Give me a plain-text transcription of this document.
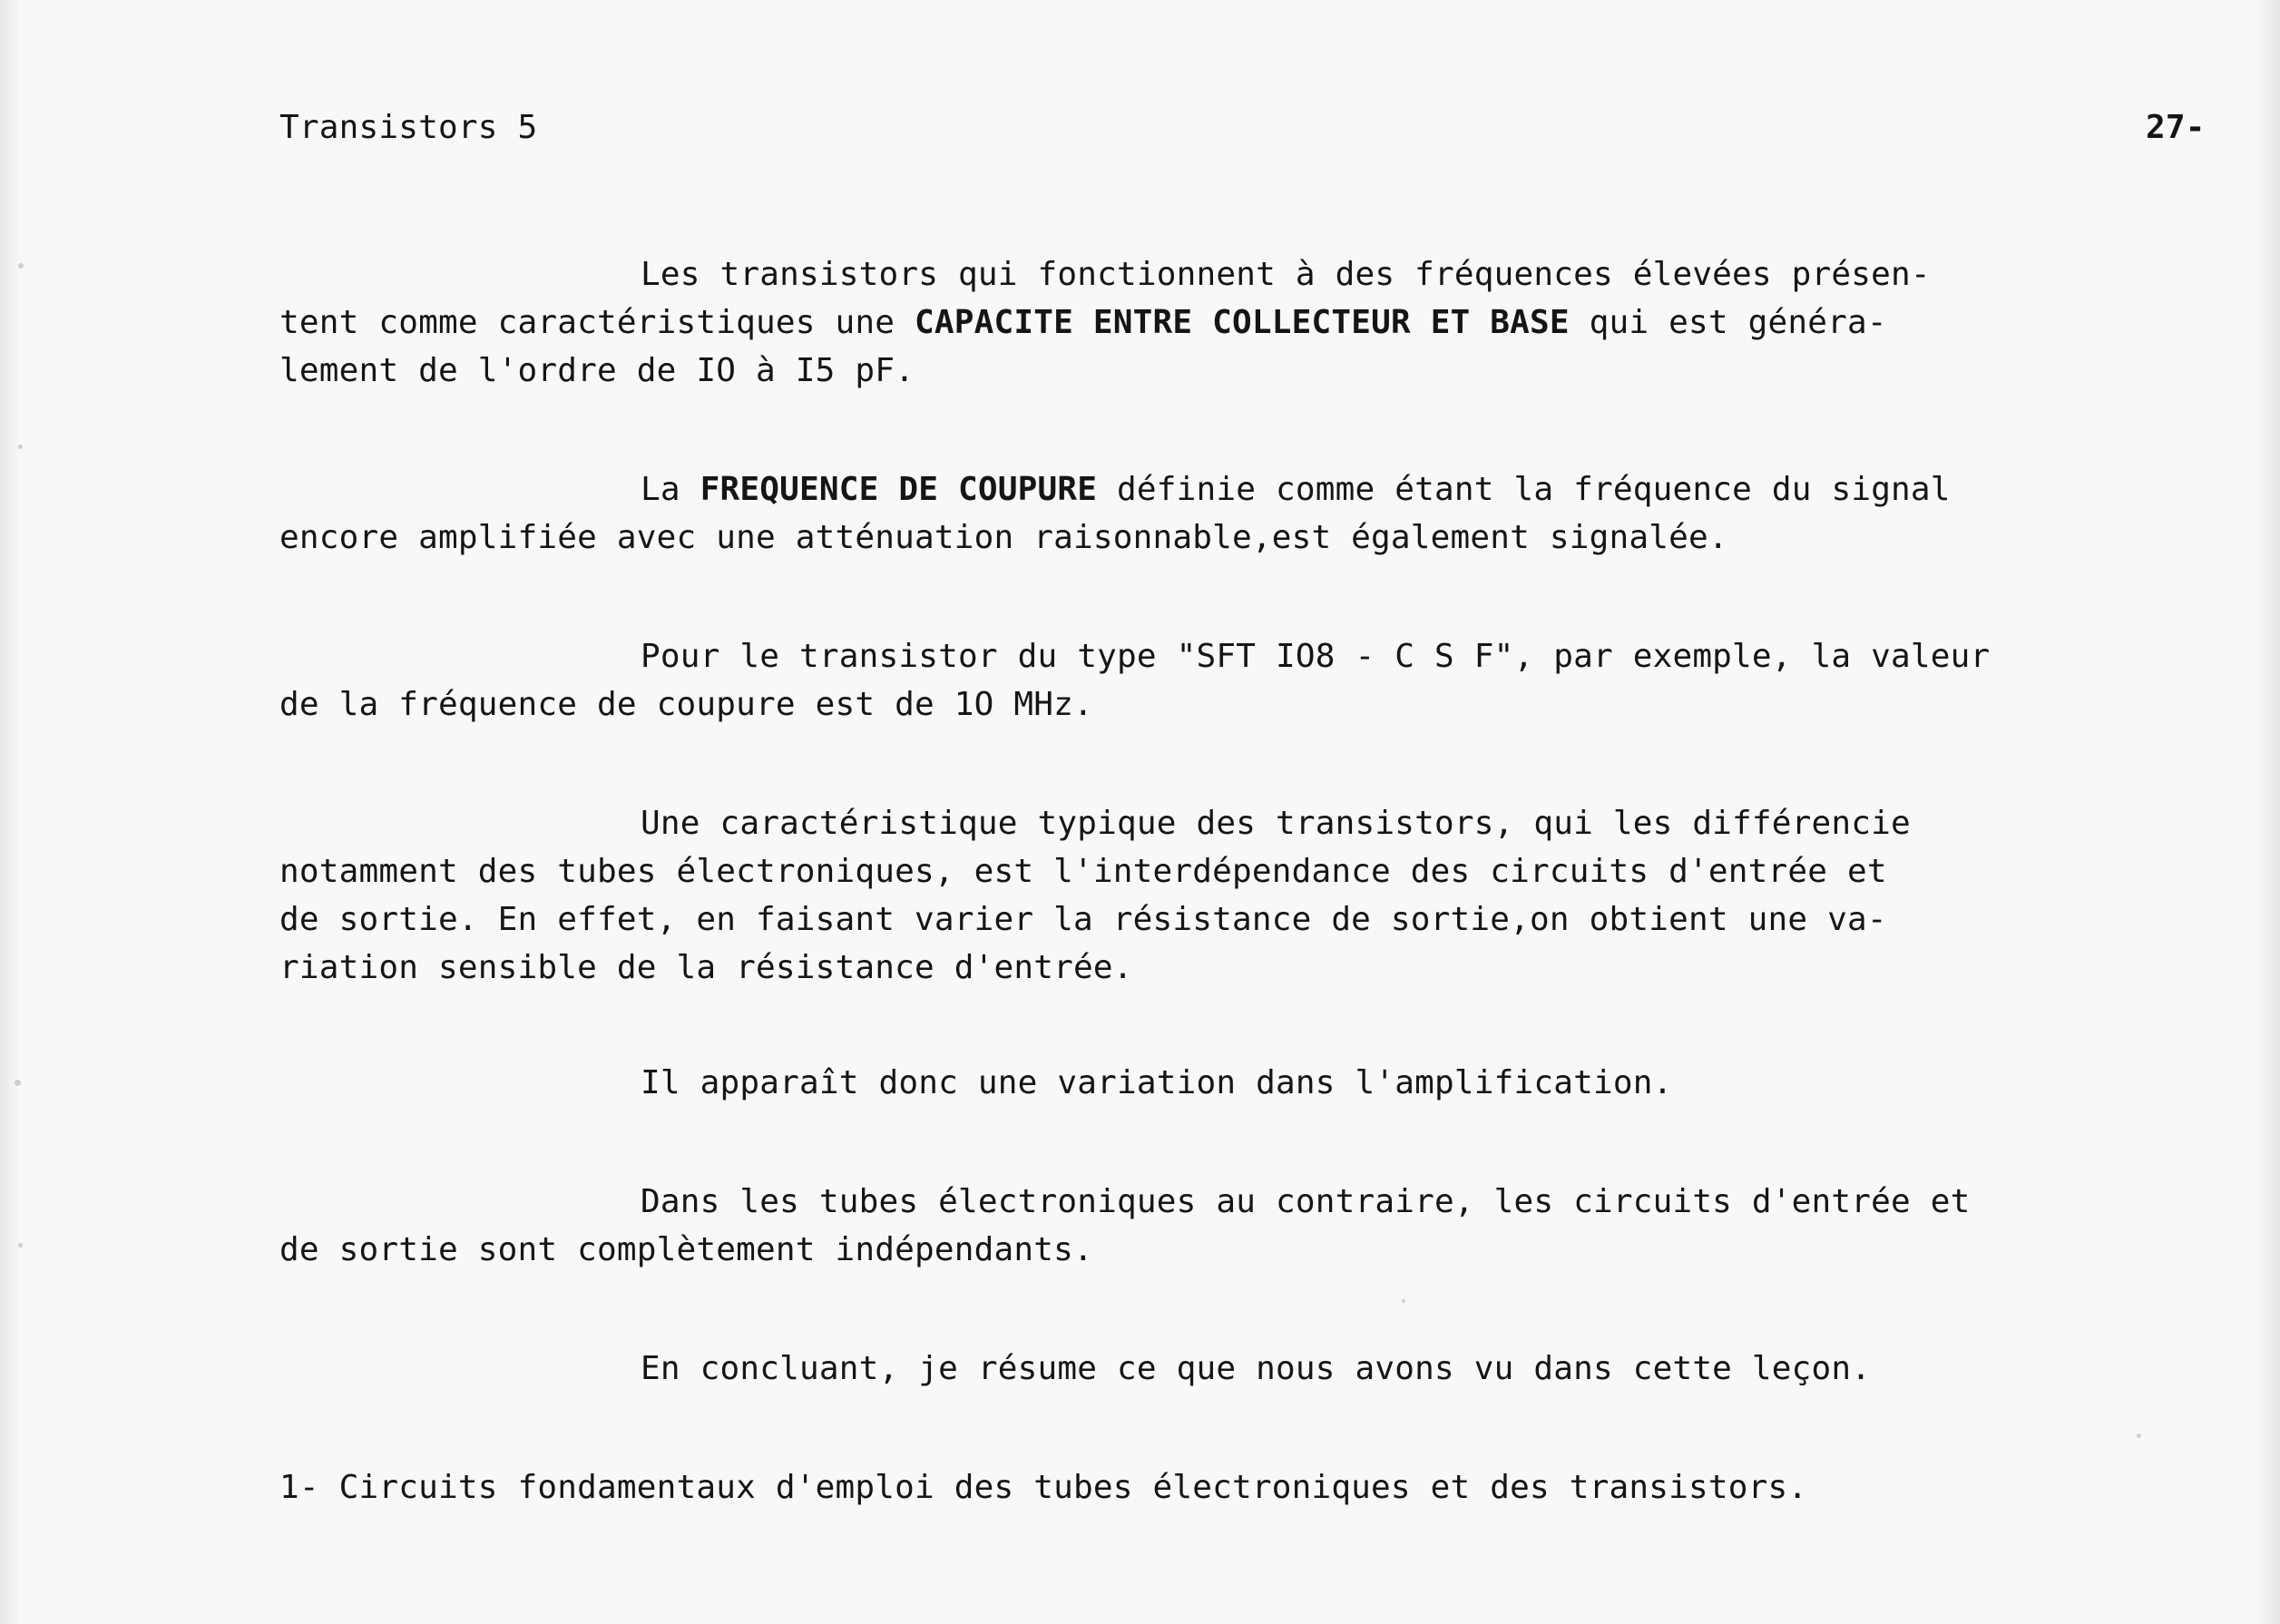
Transistors 5	27-
Les transistors qui fonctionnent à des fréquences élevées présen-
tent comme caractéristiques une CAPACITE ENTRE COLLECTEUR ET BASE qui est généra-
lement de l'ordre de IO à I5 pF.
La FREQUENCE DE COUPURE définie comme étant la fréquence du signal
encore amplifiée avec une atténuation raisonnable,est également signalée.
Pour le transistor du type "SFT IO8 - C S F", par exemple, la valeur
de la fréquence de coupure est de 1O MHz.
Une caractéristique typique des transistors, qui les différencie
notamment des tubes électroniques, est l'interdépendance des circuits d'entrée et
de sortie. En effet, en faisant varier la résistance de sortie,on obtient une va-
riation sensible de la résistance d'entrée.
Il apparaît donc une variation dans l'amplification.
Dans les tubes électroniques au contraire, les circuits d'entrée et
de sortie sont complètement indépendants.
En concluant, je résume ce que nous avons vu dans cette leçon.
1- Circuits fondamentaux d'emploi des tubes électroniques et des transistors.
